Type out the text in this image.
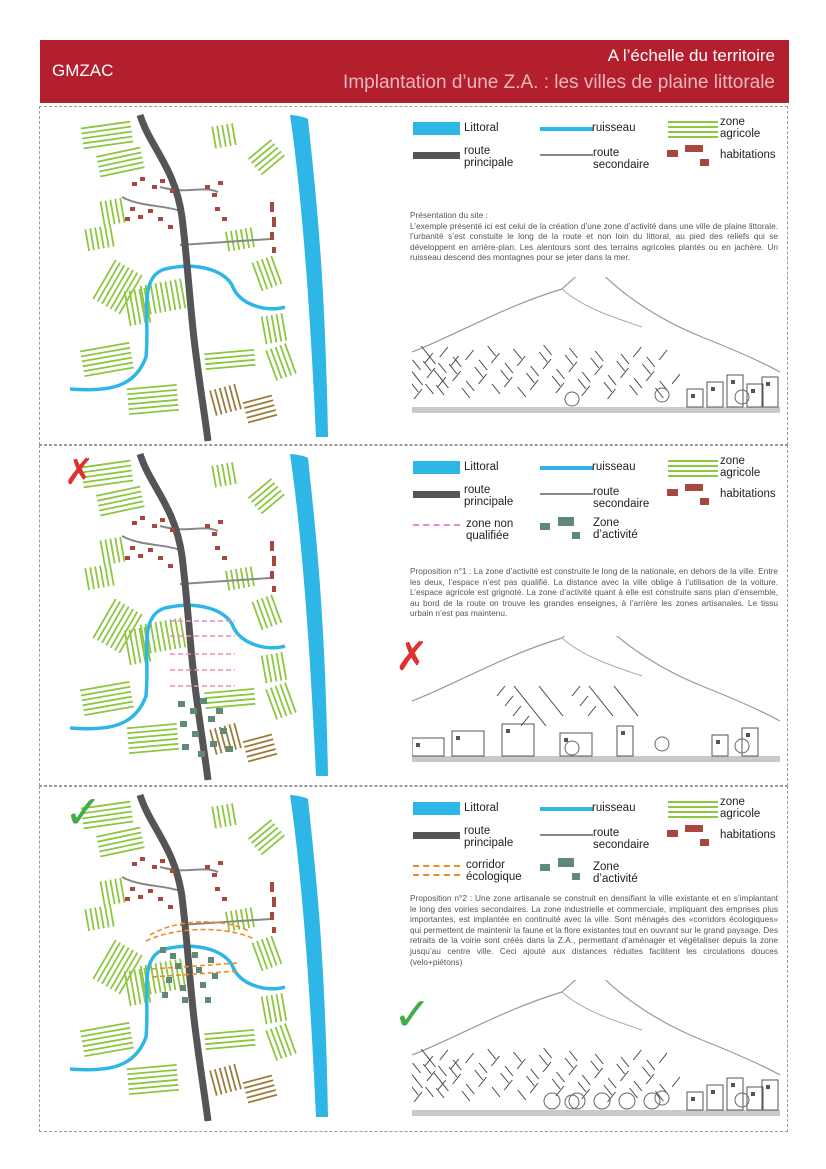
GMZAC
A l’échelle du territoire
Implantation d’une Z.A. : les villes de plaine littorale
Littoral
route
principale
ruisseau
route
secondaire
zone
agricole
habitations
Présentation du site :
L’exemple présenté ici est celui de la création d’une zone d’activité dans une ville de plaine littorale. l’urbanité s’est constuite le long de la route et non loin du littoral, au pied des reliefs qui se développent en arrière-plan. Les alentours sont des terrains agricoles plantés ou en jachère. Un ruisseau descend des montagnes pour se jeter dans la mer.
Littoral
route
principale
ruisseau
route
secondaire
zone
agricole
habitations
zone non
qualifiée
Zone
d’activité
Proposition n°1 : La zone d’activité est construite le long de la nationale, en dehors de la ville. Entre les deux, l’espace n’est pas qualifié. La distance avec la ville oblige à l’utilisation de la voiture. L’espace agricole est grignoté. La zone d’activité quant à elle est construite sans plan d’ensemble, au bord de la route on trouve les grandes enseignes, à l’arrière les zones artisanales. Le tissu urbain n’est pas maintenu.
✗
✗
Littoral
route
principale
ruisseau
route
secondaire
zone
agricole
habitations
corridor
écologique
Zone
d’activité
Proposition n°2 : Une zone artisanale se construit en densifiant la ville existante et en s’implantant le long des voiries secondaires. La zone industrielle et commerciale, impliquant des emprises plus importantes, est implantée en continuité avec la ville. Sont ménagés des «corridors écologiques» qui permettent de maintenir la faune et la flore existantes tout en ouvrant sur le grand paysage. Des retraits de la voirie sont créés dans la Z.A., permettant d’aménager et végétaliser depuis la zone jusqu’au centre ville. Ceci ajouté aux distances réduites facilitent les circulations douces (velo+piétons)
✓
✓
